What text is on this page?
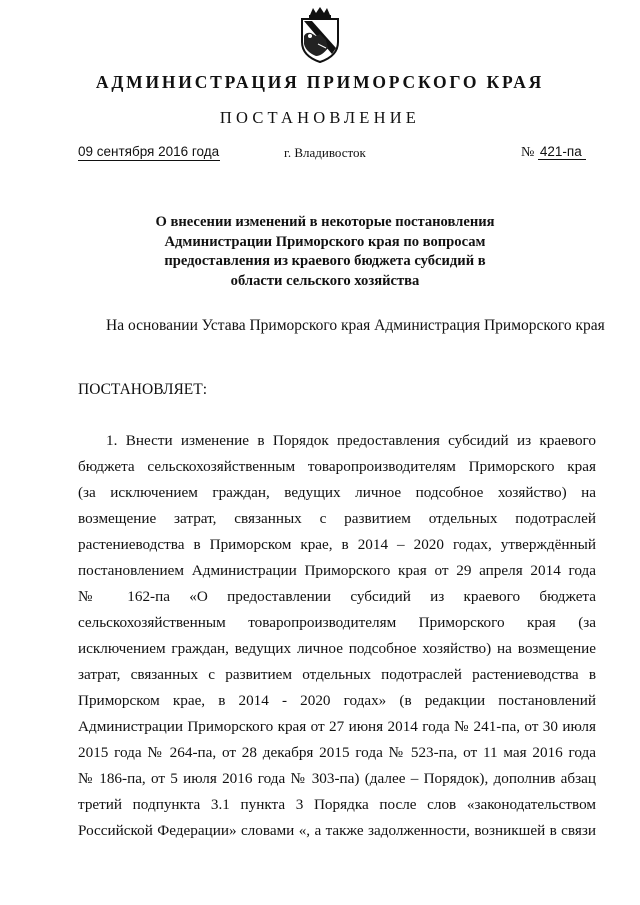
АДМИНИСТРАЦИЯ ПРИМОРСКОГО КРАЯ
ПОСТАНОВЛЕНИЕ
09 сентября 2016 года	г. Владивосток	№ 421-па
О внесении изменений в некоторые постановления
Администрации Приморского края по вопросам
предоставления из краевого бюджета субсидий в
области сельского хозяйства
На основании Устава Приморского края Администрация Приморского края
ПОСТАНОВЛЯЕТ:
1. Внести изменение в Порядок предоставления субсидий из краевого
бюджета сельскохозяйственным товаропроизводителям Приморского края
(за исключением граждан, ведущих личное подсобное хозяйство) на
возмещение затрат, связанных с развитием отдельных подотраслей
растениеводства в Приморском крае, в 2014 – 2020 годах, утверждённый
постановлением Администрации Приморского края от 29 апреля 2014 года
№ 162-па «О предоставлении субсидий из краевого бюджета
сельскохозяйственным товаропроизводителям Приморского края (за
исключением граждан, ведущих личное подсобное хозяйство) на возмещение
затрат, связанных с развитием отдельных подотраслей растениеводства в
Приморском крае, в 2014 - 2020 годах» (в редакции постановлений
Администрации Приморского края от 27 июня 2014 года № 241-па, от 30 июля
2015 года № 264-па, от 28 декабря 2015 года № 523-па, от 11 мая 2016 года
№ 186-па, от 5 июля 2016 года № 303-па) (далее – Порядок), дополнив абзац
третий подпункта 3.1 пункта 3 Порядка после слов «законодательством
Российской Федерации» словами «, а также задолженности, возникшей в связи
